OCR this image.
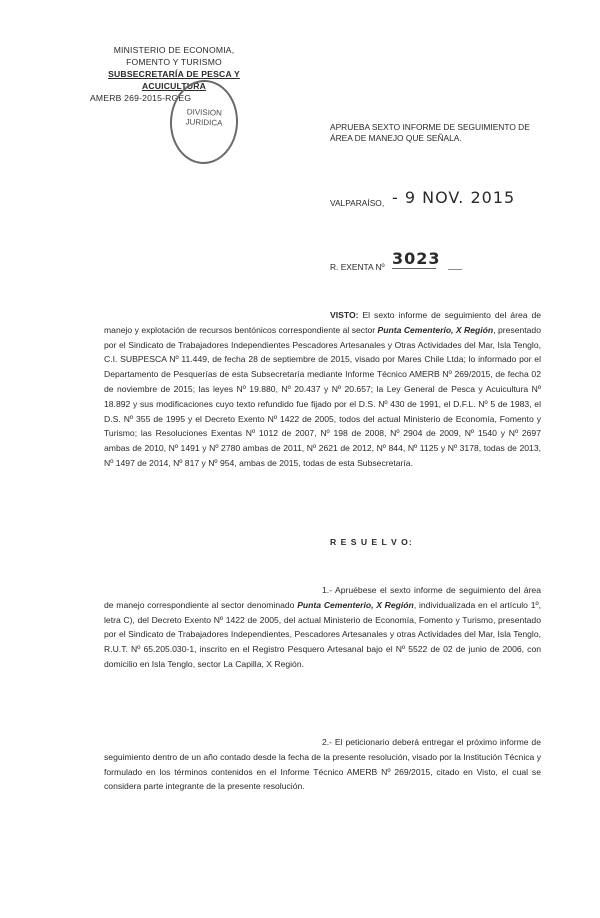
MINISTERIO DE ECONOMIA,
FOMENTO Y TURISMO
SUBSECRETARÍA DE PESCA Y ACUICULTURA
AMERB 269-2015-RGEG
DIVISION
JURIDICA	APRUEBA SEXTO INFORME DE SEGUIMIENTO DE
ÁREA DE MANEJO QUE SEÑALA.
VALPARAÍSO, - 9 NOV. 2015
R. EXENTA Nº 3023 ___
VISTO: El sexto informe de seguimiento del área de manejo y explotación de recursos bentónicos correspondiente al sector Punta Cementerio, X Región, presentado por el Sindicato de Trabajadores Independientes Pescadores Artesanales y Otras Actividades del Mar, Isla Tenglo, C.I. SUBPESCA Nº 11.449, de fecha 28 de septiembre de 2015, visado por Mares Chile Ltda; lo informado por el Departamento de Pesquerías de esta Subsecretaría mediante Informe Técnico AMERB Nº 269/2015, de fecha 02 de noviembre de 2015; las leyes Nº 19.880, Nº 20.437 y Nº 20.657; la Ley General de Pesca y Acuicultura Nº 18.892 y sus modificaciones cuyo texto refundido fue fijado por el D.S. Nº 430 de 1991, el D.F.L. Nº 5 de 1983, el D.S. Nº 355 de 1995 y el Decreto Exento Nº 1422 de 2005, todos del actual Ministerio de Economía, Fomento y Turismo; las Resoluciones Exentas Nº 1012 de 2007, Nº 198 de 2008, Nº 2904 de 2009, Nº 1540 y Nº 2697 ambas de 2010, Nº 1491 y Nº 2780 ambas de 2011, Nº 2621 de 2012, Nº 844, Nº 1125 y Nº 3178, todas de 2013, Nº 1497 de 2014, Nº 817 y Nº 954, ambas de 2015, todas de esta Subsecretaría.
R E S U E L V O:
1.- Apruébese el sexto informe de seguimiento del área de manejo correspondiente al sector denominado Punta Cementerio, X Región, individualizada en el artículo 1º, letra C), del Decreto Exento Nº 1422 de 2005, del actual Ministerio de Economía, Fomento y Turismo, presentado por el Sindicato de Trabajadores Independientes, Pescadores Artesanales y otras Actividades del Mar, Isla Tenglo, R.U.T. Nº 65.205.030-1, inscrito en el Registro Pesquero Artesanal bajo el Nº 5522 de 02 de junio de 2006, con domicilio en Isla Tenglo, sector La Capilla, X Región.
2.- El peticionario deberá entregar el próximo informe de seguimiento dentro de un año contado desde la fecha de la presente resolución, visado por la Institución Técnica y formulado en los términos contenidos en el Informe Técnico AMERB Nº 269/2015, citado en Visto, el cual se considera parte integrante de la presente resolución.
